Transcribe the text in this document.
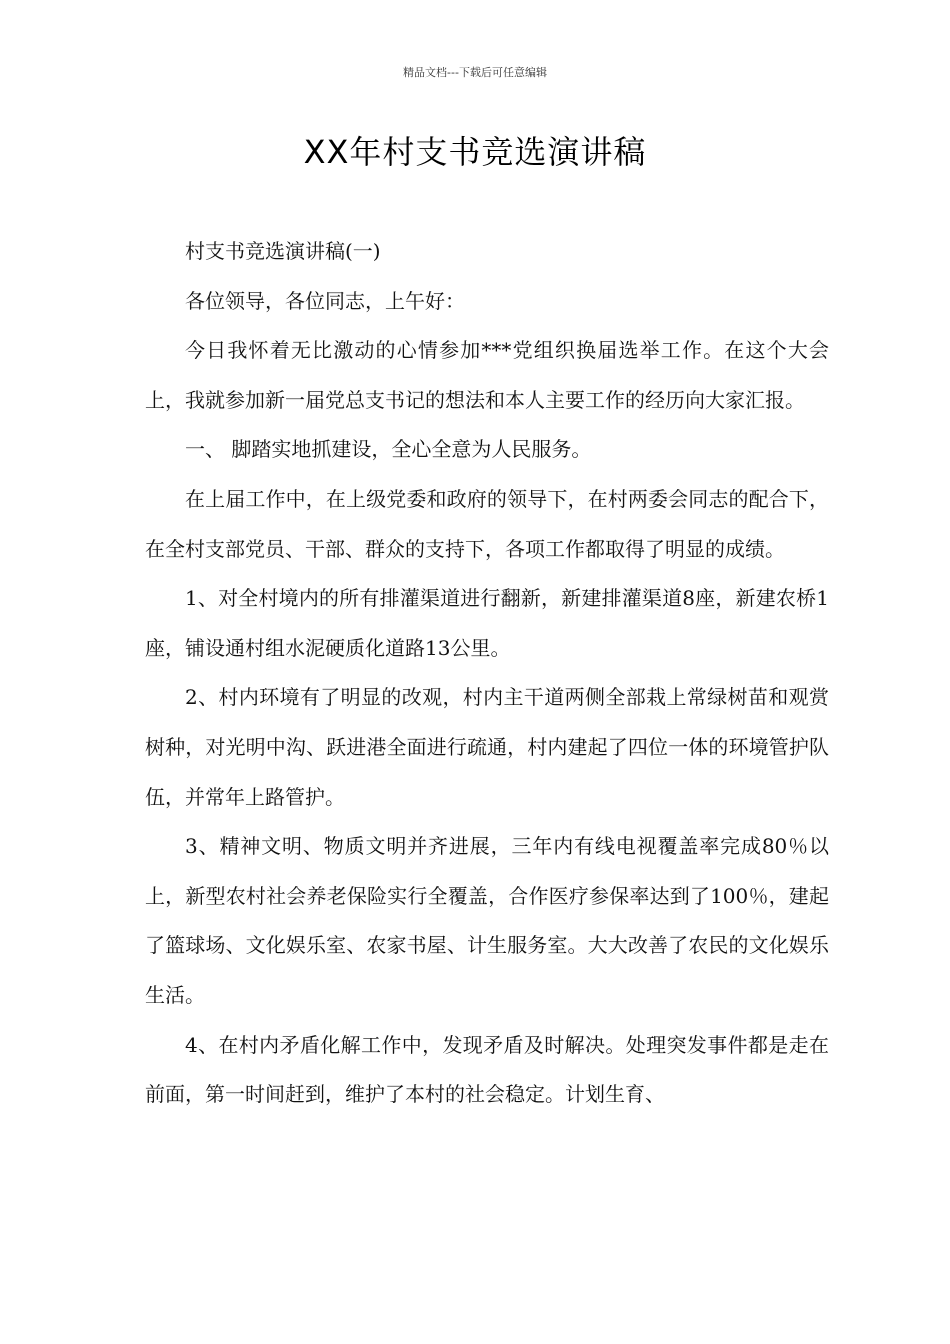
精品文档---下载后可任意编辑
XX年村支书竞选演讲稿

村支书竞选演讲稿(一)

各位领导，各位同志，上午好：

今日我怀着无比激动的心情参加***党组织换届选举工作。在这个大会上，我就参加新一届党总支书记的想法和本人主要工作的经历向大家汇报。

一、 脚踏实地抓建设，全心全意为人民服务。

在上届工作中，在上级党委和政府的领导下，在村两委会同志的配合下，在全村支部党员、干部、群众的支持下，各项工作都取得了明显的成绩。

1、对全村境内的所有排灌渠道进行翻新，新建排灌渠道8座，新建农桥1座，铺设通村组水泥硬质化道路13公里。

2、村内环境有了明显的改观，村内主干道两侧全部栽上常绿树苗和观赏树种，对光明中沟、跃进港全面进行疏通，村内建起了四位一体的环境管护队伍，并常年上路管护。

3、精神文明、物质文明并齐进展，三年内有线电视覆盖率完成80％以上，新型农村社会养老保险实行全覆盖，合作医疗参保率达到了100％，建起了篮球场、文化娱乐室、农家书屋、计生服务室。大大改善了农民的文化娱乐生活。

4、在村内矛盾化解工作中，发现矛盾及时解决。处理突发事件都是走在前面，第一时间赶到，维护了本村的社会稳定。计划生育、
